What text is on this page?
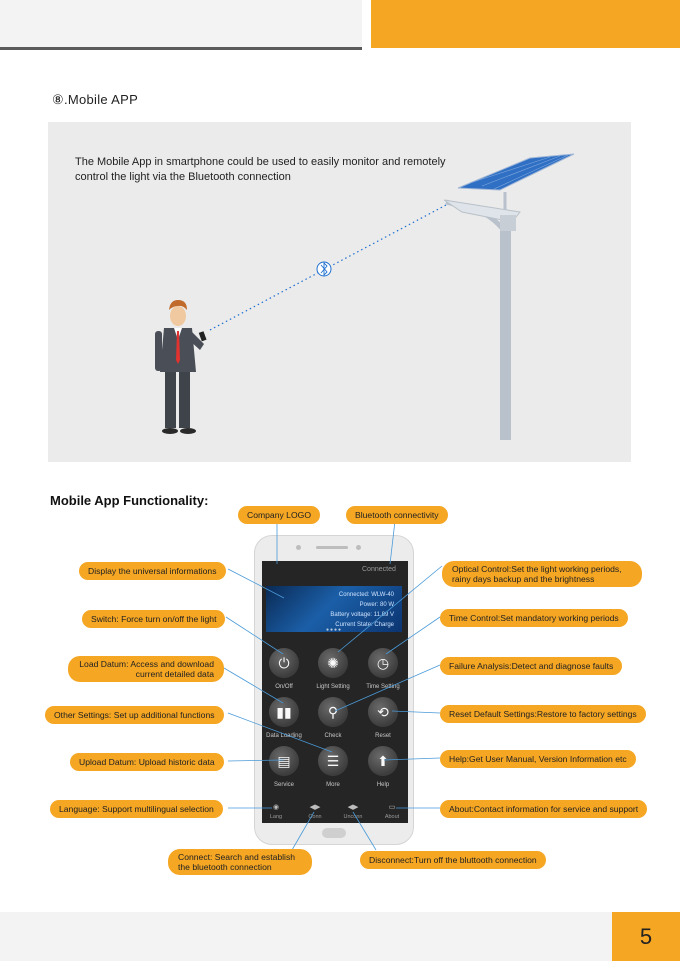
5
⑧.Mobile APP
The Mobile App in smartphone could be used to easily monitor and remotely control the light via the Bluetooth connection
Mobile App Functionality:
Connected
Connected: WLW-40
Power: 80 W
Battery voltage: 11.89 V
Current State: Charge
●●●●
⏻
On/Off
✺
Light Setting
◷
Time Setting
▮▮
Data Loading
⚲
Check
⟲
Reset
▤
Service
☰
More
⬆
Help
◉
Lang
◀▶
Conn
◀▶
Unconn
▭
About
Company LOGO	Bluetooth connectivity
Display the universal informations	Optical Control:Set the light working periods, rainy days backup and the brightness
Switch: Force turn on/off the light	Time Control:Set mandatory working periods
Load Datum: Access and download current detailed data
Failure Analysis:Detect and diagnose faults
Other Settings: Set up additional functions	Reset Default Settings:Restore to factory settings
Upload Datum: Upload historic data	Help:Get User Manual, Version Information etc
Language: Support multilingual selection	About:Contact information for service and support
Connect: Search and establish the bluetooth connection
Disconnect:Turn off the bluttooth connection
